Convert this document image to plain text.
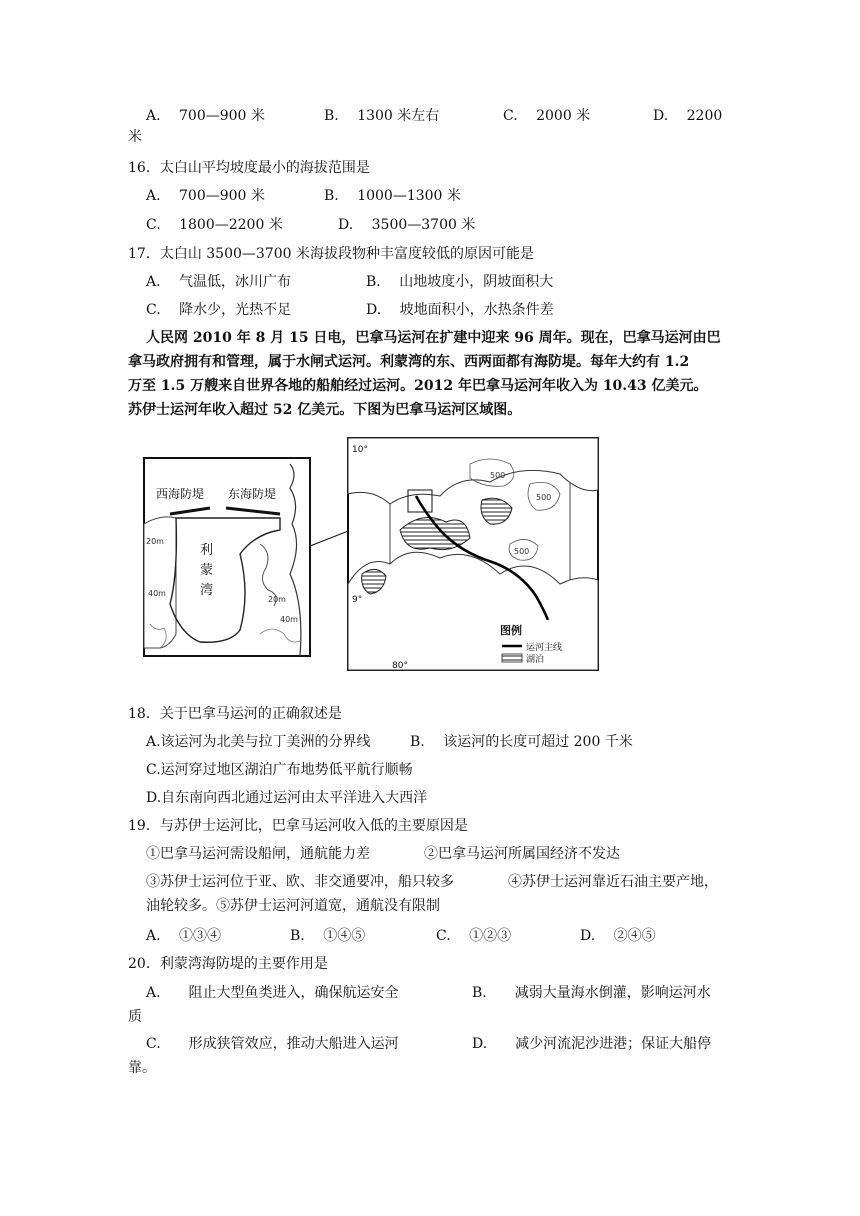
A.　 700—900 米	B.　 1300 米左右	C.　 2000 米	D.　 2200
米
16．太白山平均坡度最小的海拔范围是
A.　 700—900 米	B.　 1000—1300 米
C.　 1800—2200 米	D.　 3500—3700 米
17．太白山 3500—3700 米海拔段物种丰富度较低的原因可能是
A.　 气温低，冰川广布	B.　 山地坡度小，阴坡面积大
C.　 降水少，光热不足	D.　 坡地面积小，水热条件差
人民网 2010 年 8 月 15 日电，巴拿马运河在扩建中迎来 96 周年。现在，巴拿马运河由巴
拿马政府拥有和管理，属于水闸式运河。利蒙湾的东、西两面都有海防堤。每年大约有 1.2
万至 1.5 万艘来自世界各地的船舶经过运河。2012 年巴拿马运河年收入为 10.43 亿美元。
苏伊士运河年收入超过 52 亿美元。下图为巴拿马运河区域图。
西海防堤 东海防堤
利
蒙
湾
20m
40m
20m
40m
10°
9°
80°
500
500
500
图例
运河主线
湖泊
18．关于巴拿马运河的正确叙述是
A.该运河为北美与拉丁美洲的分界线	B.　 该运河的长度可超过 200 千米
C.运河穿过地区湖泊广布地势低平航行顺畅
D.自东南向西北通过运河由太平洋进入大西洋
19．与苏伊士运河比，巴拿马运河收入低的主要原因是
①巴拿马运河需设船闸，通航能力差	②巴拿马运河所属国经济不发达
③苏伊士运河位于亚、欧、非交通要冲，船只较多	④苏伊士运河靠近石油主要产地，
油轮较多。⑤苏伊士运河河道宽，通航没有限制
A.　 ①③④	B.　 ①④⑤	C.　 ①②③	D.　 ②④⑤
20．利蒙湾海防堤的主要作用是
A.　　阻止大型鱼类进入，确保航运安全	B.　　减弱大量海水倒灌，影响运河水
质
C.　　形成狭管效应，推动大船进入运河	D.　　减少河流泥沙进港；保证大船停
靠。
